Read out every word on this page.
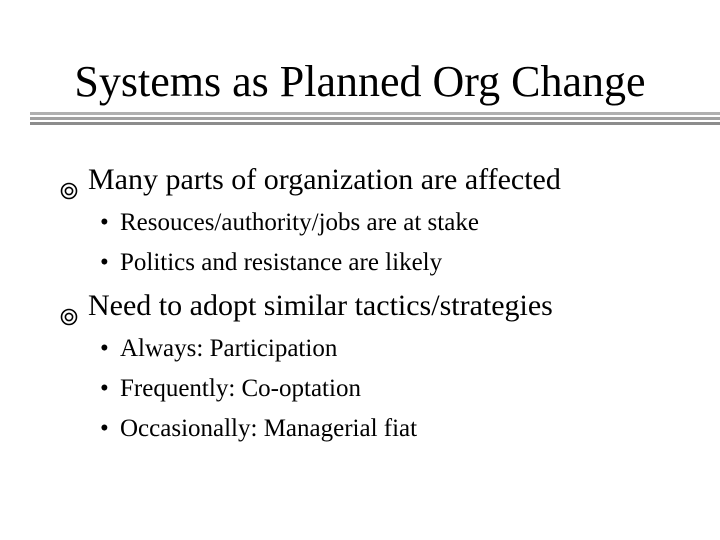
Systems as Planned Org Change
Many parts of organization are affected
• Resouces/authority/jobs are at stake
• Politics and resistance are likely
Need to adopt similar tactics/strategies
• Always: Participation
• Frequently: Co-optation
• Occasionally: Managerial fiat
